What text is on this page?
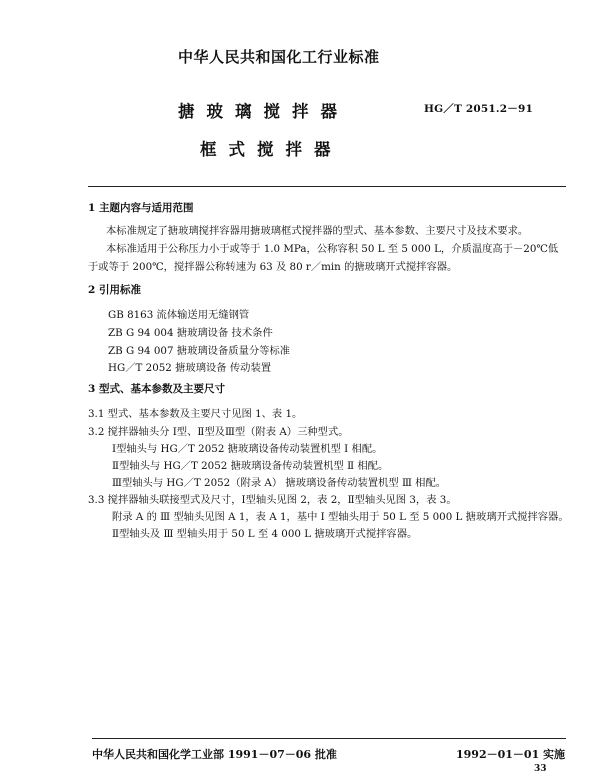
中华人民共和国化工行业标准
搪玻璃搅拌器	HG／T 2051.2－91
框式搅拌器
1 主题内容与适用范围
本标准规定了搪玻璃搅拌容器用搪玻璃框式搅拌器的型式、基本参数、主要尺寸及技术要求。
本标准适用于公称压力小于或等于 1.0 MPa，公称容积 50 L 至 5 000 L，介质温度高于－20℃低
于或等于 200℃，搅拌器公称转速为 63 及 80 r／min 的搪玻璃开式搅拌容器。
2 引用标准
GB 8163 流体输送用无缝钢管
ZB G 94 004 搪玻璃设备 技术条件
ZB G 94 007 搪玻璃设备质量分等标准
HG／T 2052 搪玻璃设备 传动装置
3 型式、基本参数及主要尺寸
3.1 型式、基本参数及主要尺寸见图 1、表 1。
3.2 搅拌器轴头分 Ⅰ型、Ⅱ型及Ⅲ型（附表 A）三种型式。
Ⅰ型轴头与 HG／T 2052 搪玻璃设备传动装置机型 Ⅰ 相配。
Ⅱ型轴头与 HG／T 2052 搪玻璃设备传动装置机型 Ⅱ 相配。
Ⅲ型轴头与 HG／T 2052（附录 A） 搪玻璃设备传动装置机型 Ⅲ 相配。
3.3 搅拌器轴头联接型式及尺寸，Ⅰ型轴头见图 2，表 2，Ⅱ型轴头见图 3，表 3。
附录 A 的 Ⅲ 型轴头见图 A 1，表 A 1，基中 Ⅰ 型轴头用于 50 L 至 5 000 L 搪玻璃开式搅拌容器。
Ⅱ型轴头及 Ⅲ 型轴头用于 50 L 至 4 000 L 搪玻璃开式搅拌容器。
中华人民共和国化学工业部 1991－07－06 批准	1992－01－01 实施
33
